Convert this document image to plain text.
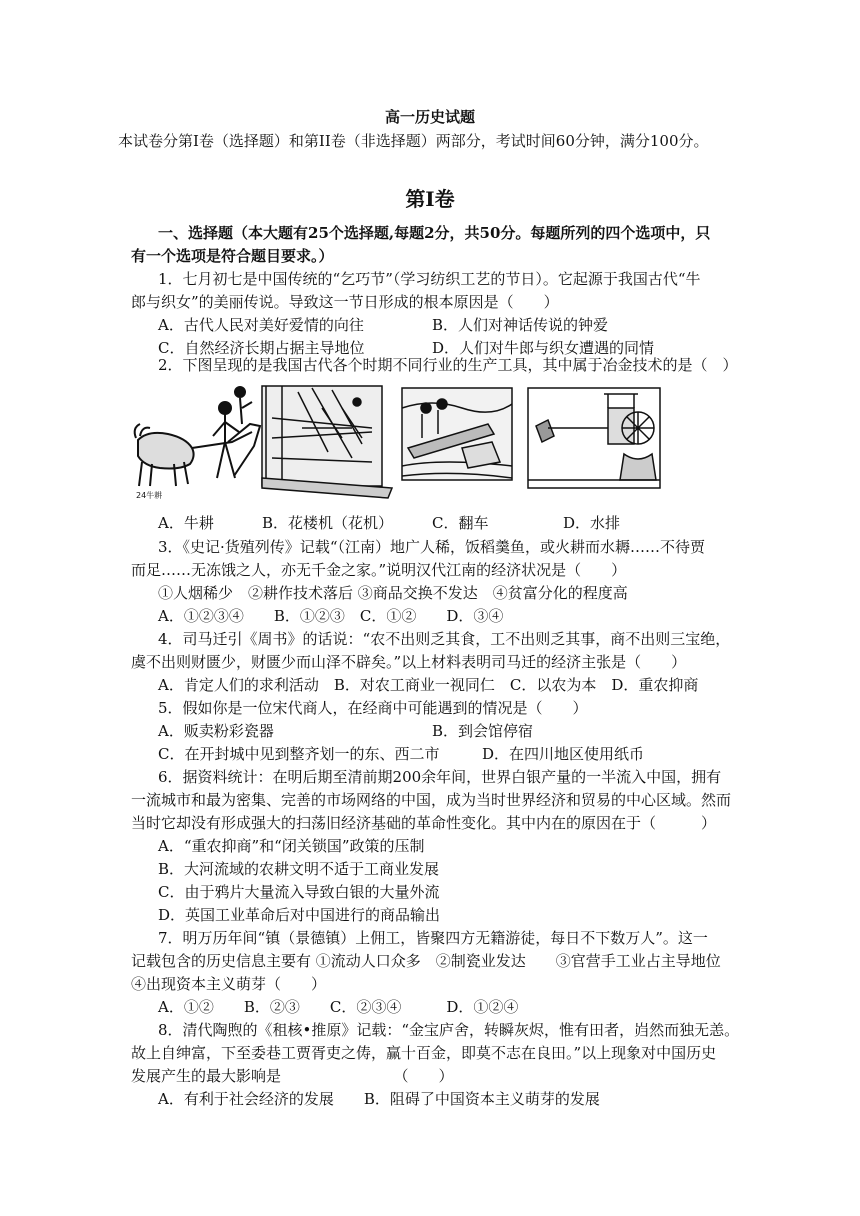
高一历史试题
本试卷分第I卷（选择题）和第II卷（非选择题）两部分，考试时间60分钟，满分100分。
第I卷
一、选择题（本大题有25个选择题,每题2分，共50分。每题所列的四个选项中，只
有一个选项是符合题目要求。）
1．七月初七是中国传统的“乞巧节”（学习纺织工艺的节日）。它起源于我国古代“牛
郎与织女”的美丽传说。导致这一节日形成的根本原因是（　　）
A．古代人民对美好爱情的向往	B．人们对神话传说的钟爱
C．自然经济长期占据主导地位	D．人们对牛郎与织女遭遇的同情
2．下图呈现的是我国古代各个时期不同行业的生产工具，其中属于冶金技术的是（　）
24牛耕
A．牛耕	B．花楼机（花机）	C．翻车	D．水排
3．《史记·货殖列传》记载“（江南）地广人稀，饭稻羹鱼，或火耕而水耨……不待贾
而足……无冻饿之人，亦无千金之家。”说明汉代江南的经济状况是（　　）
①人烟稀少　②耕作技术落后 ③商品交换不发达　④贫富分化的程度高
A．①②③④　　B．①②③　C．①②　　D．③④
4．司马迁引《周书》的话说：“农不出则乏其食，工不出则乏其事，商不出则三宝绝，
虞不出则财匮少，财匮少而山泽不辟矣。”以上材料表明司马迁的经济主张是（　　）
A．肯定人们的求利活动　B．对农工商业一视同仁　C．以农为本　D．重农抑商
5．假如你是一位宋代商人，在经商中可能遇到的情况是（　　）
A．贩卖粉彩瓷器	B．到会馆停宿
C．在开封城中见到整齐划一的东、西二市	D．在四川地区使用纸币
6．据资料统计：在明后期至清前期200余年间，世界白银产量的一半流入中国，拥有
一流城市和最为密集、完善的市场网络的中国，成为当时世界经济和贸易的中心区域。然而
当时它却没有形成强大的扫荡旧经济基础的革命性变化。其中内在的原因在于（　　　）
A．“重农抑商”和“闭关锁国”政策的压制
B．大河流域的农耕文明不适于工商业发展
C．由于鸦片大量流入导致白银的大量外流
D．英国工业革命后对中国进行的商品输出
7．明万历年间“镇（景德镇）上佣工，皆聚四方无籍游徒，每日不下数万人”。这一
记载包含的历史信息主要有 ①流动人口众多　②制瓷业发达　　③官营手工业占主导地位
④出现资本主义萌芽（　　）
A．①②　　B．②③　　C．②③④　　　D．①②④
8．清代陶煦的《租核•推原》记载：“金宝庐舍，转瞬灰烬，惟有田者，岿然而独无恙。
故上自绅富，下至委巷工贾胥吏之俦，赢十百金，即莫不志在良田。”以上现象对中国历史
发展产生的最大影响是　　　　　　　　（　　）
A．有利于社会经济的发展　　B．阻碍了中国资本主义萌芽的发展
